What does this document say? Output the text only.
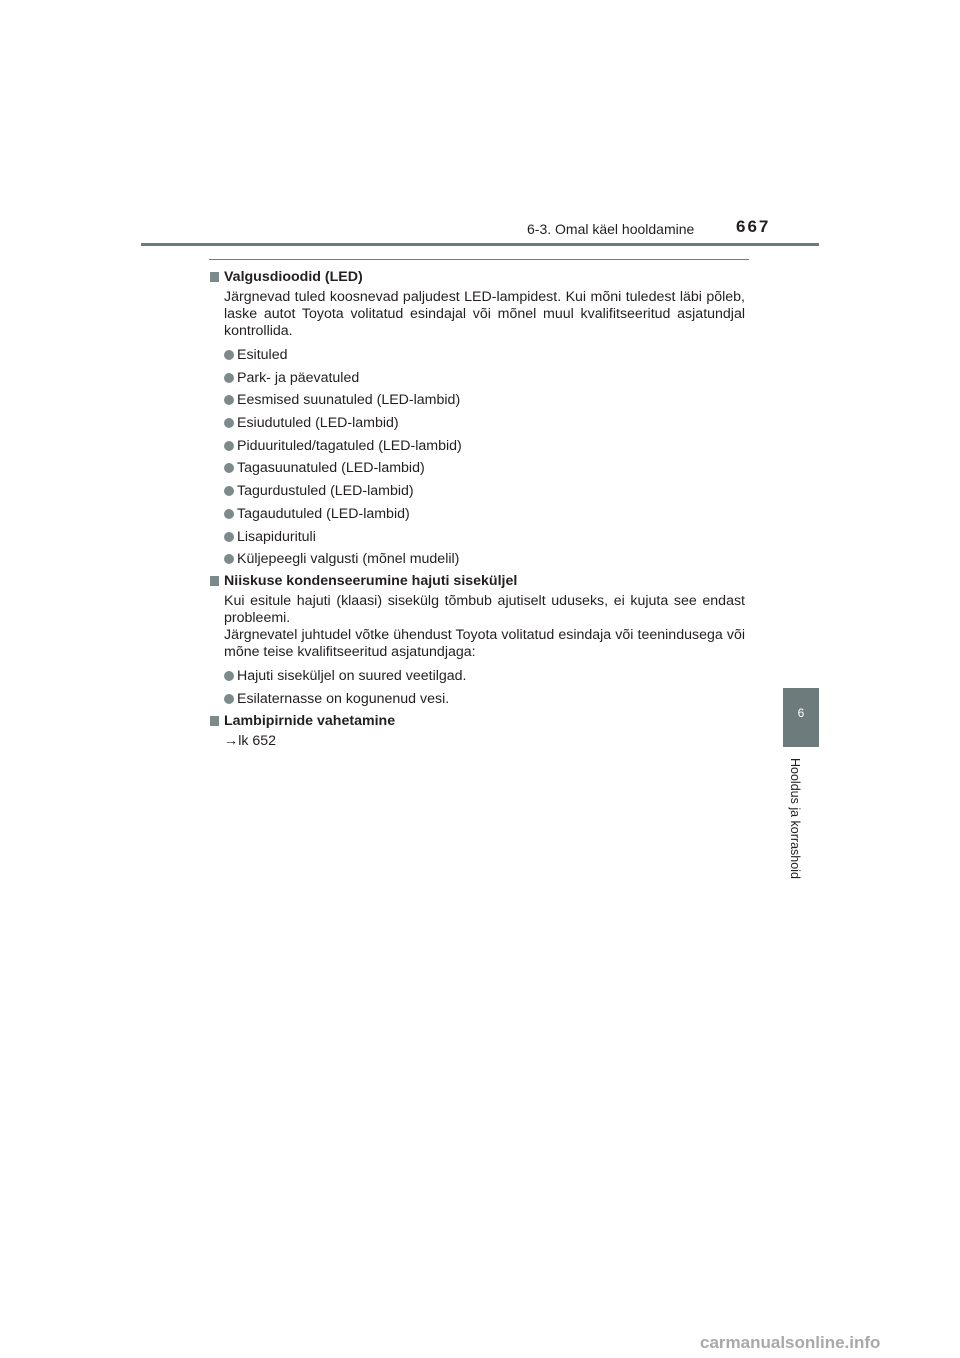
6-3. Omal käel hooldamine 667
Valgusdioodid (LED)
Järgnevad tuled koosnevad paljudest LED-lampidest. Kui mõni tuledest läbi põleb, laske autot Toyota volitatud esindajal või mõnel muul kvalifitseeritud asjatundjal kontrollida.
Esituled
Park- ja päevatuled
Eesmised suunatuled (LED-lambid)
Esiudutuled (LED-lambid)
Piduurituled/tagatuled (LED-lambid)
Tagasuunatuled (LED-lambid)
Tagurdustuled (LED-lambid)
Tagaudutuled (LED-lambid)
Lisapidurituli
Küljepeegli valgusti (mõnel mudelil)
Niiskuse kondenseerumine hajuti siseküljel
Kui esitule hajuti (klaasi) sisekülg tõmbub ajutiselt uduseks, ei kujuta see endast probleemi.
Järgnevatel juhtudel võtke ühendust Toyota volitatud esindaja või teenindusega või mõne teise kvalifitseeritud asjatundjaga:
Hajuti siseküljel on suured veetilgad.
Esilaternasse on kogunenud vesi.
Lambipirnide vahetamine
→lk 652
6
Hooldus ja korrashoid
carmanualsonline.info
